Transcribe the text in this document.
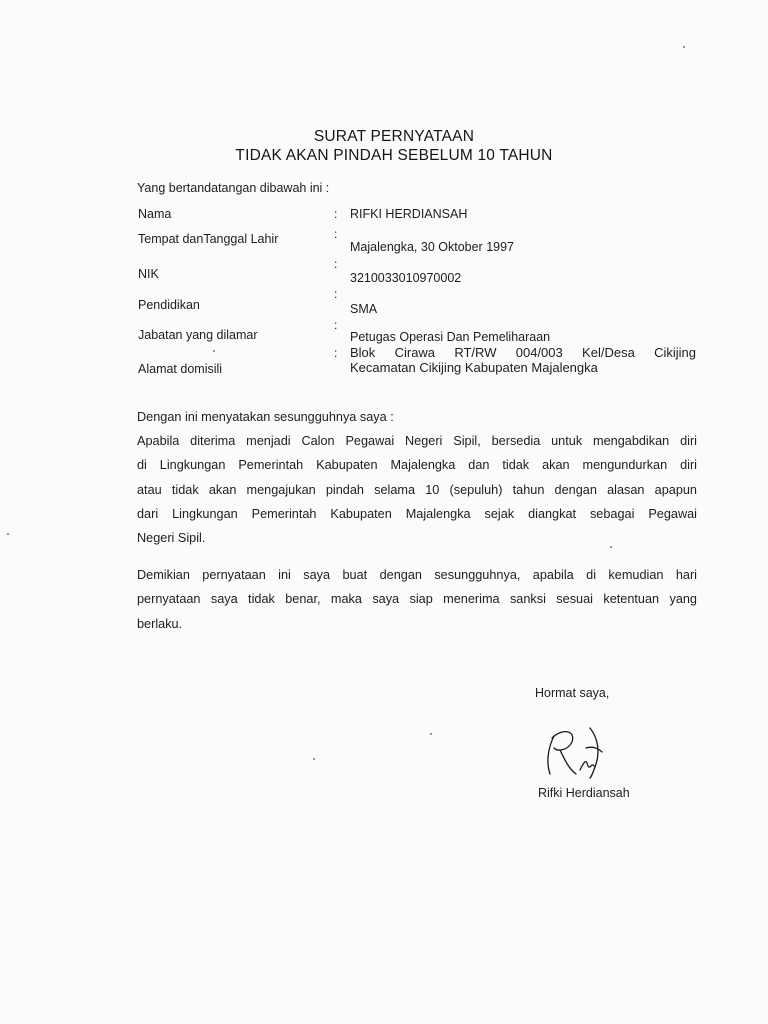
SURAT PERNYATAAN
TIDAK AKAN PINDAH SEBELUM 10 TAHUN
Yang bertandatangan dibawah ini :
Nama	: RIFKI HERDIANSAH
Tempat danTanggal Lahir	:
Majalengka, 30 Oktober 1997
NIK
:
3210033010970002
Pendidikan
:
SMA
Jabatan yang dilamar
:
Petugas Operasi Dan Pemeliharaan
Alamat domisili
: Blok Cirawa RT/RW 004/003 Kel/Desa Cikijing
Kecamatan Cikijing Kabupaten Majalengka
Dengan ini menyatakan sesungguhnya saya :
Apabila diterima menjadi Calon Pegawai Negeri Sipil, bersedia untuk mengabdikan diri
di Lingkungan Pemerintah Kabupaten Majalengka dan tidak akan mengundurkan diri
atau tidak akan mengajukan pindah selama 10 (sepuluh) tahun dengan alasan apapun
dari Lingkungan Pemerintah Kabupaten Majalengka sejak diangkat sebagai Pegawai
Negeri Sipil.
Demikian pernyataan ini saya buat dengan sesungguhnya, apabila di kemudian hari
pernyataan saya tidak benar, maka saya siap menerima sanksi sesuai ketentuan yang
berlaku.
Hormat saya,
Rifki Herdiansah
